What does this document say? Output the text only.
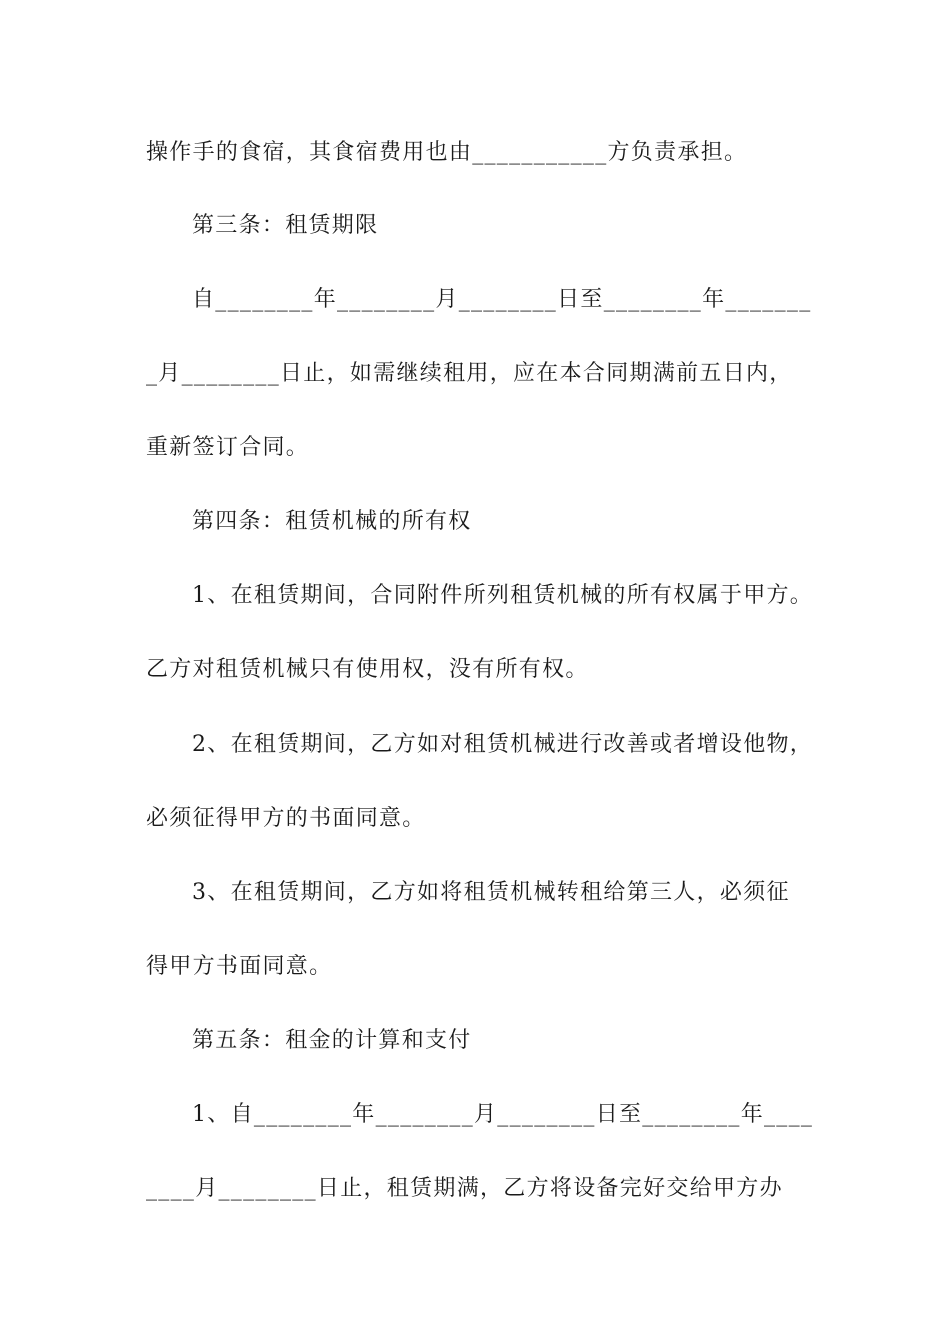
操作手的食宿，其食宿费用也由___________方负责承担。
第三条：租赁期限
自________年________月________日至________年_______
_月________日止，如需继续租用，应在本合同期满前五日内，
重新签订合同。
第四条：租赁机械的所有权
1、在租赁期间，合同附件所列租赁机械的所有权属于甲方。
乙方对租赁机械只有使用权，没有所有权。
2、在租赁期间，乙方如对租赁机械进行改善或者增设他物，
必须征得甲方的书面同意。
3、在租赁期间，乙方如将租赁机械转租给第三人，必须征
得甲方书面同意。
第五条：租金的计算和支付
1、自________年________月________日至________年____
____月________日止，租赁期满，乙方将设备完好交给甲方办
